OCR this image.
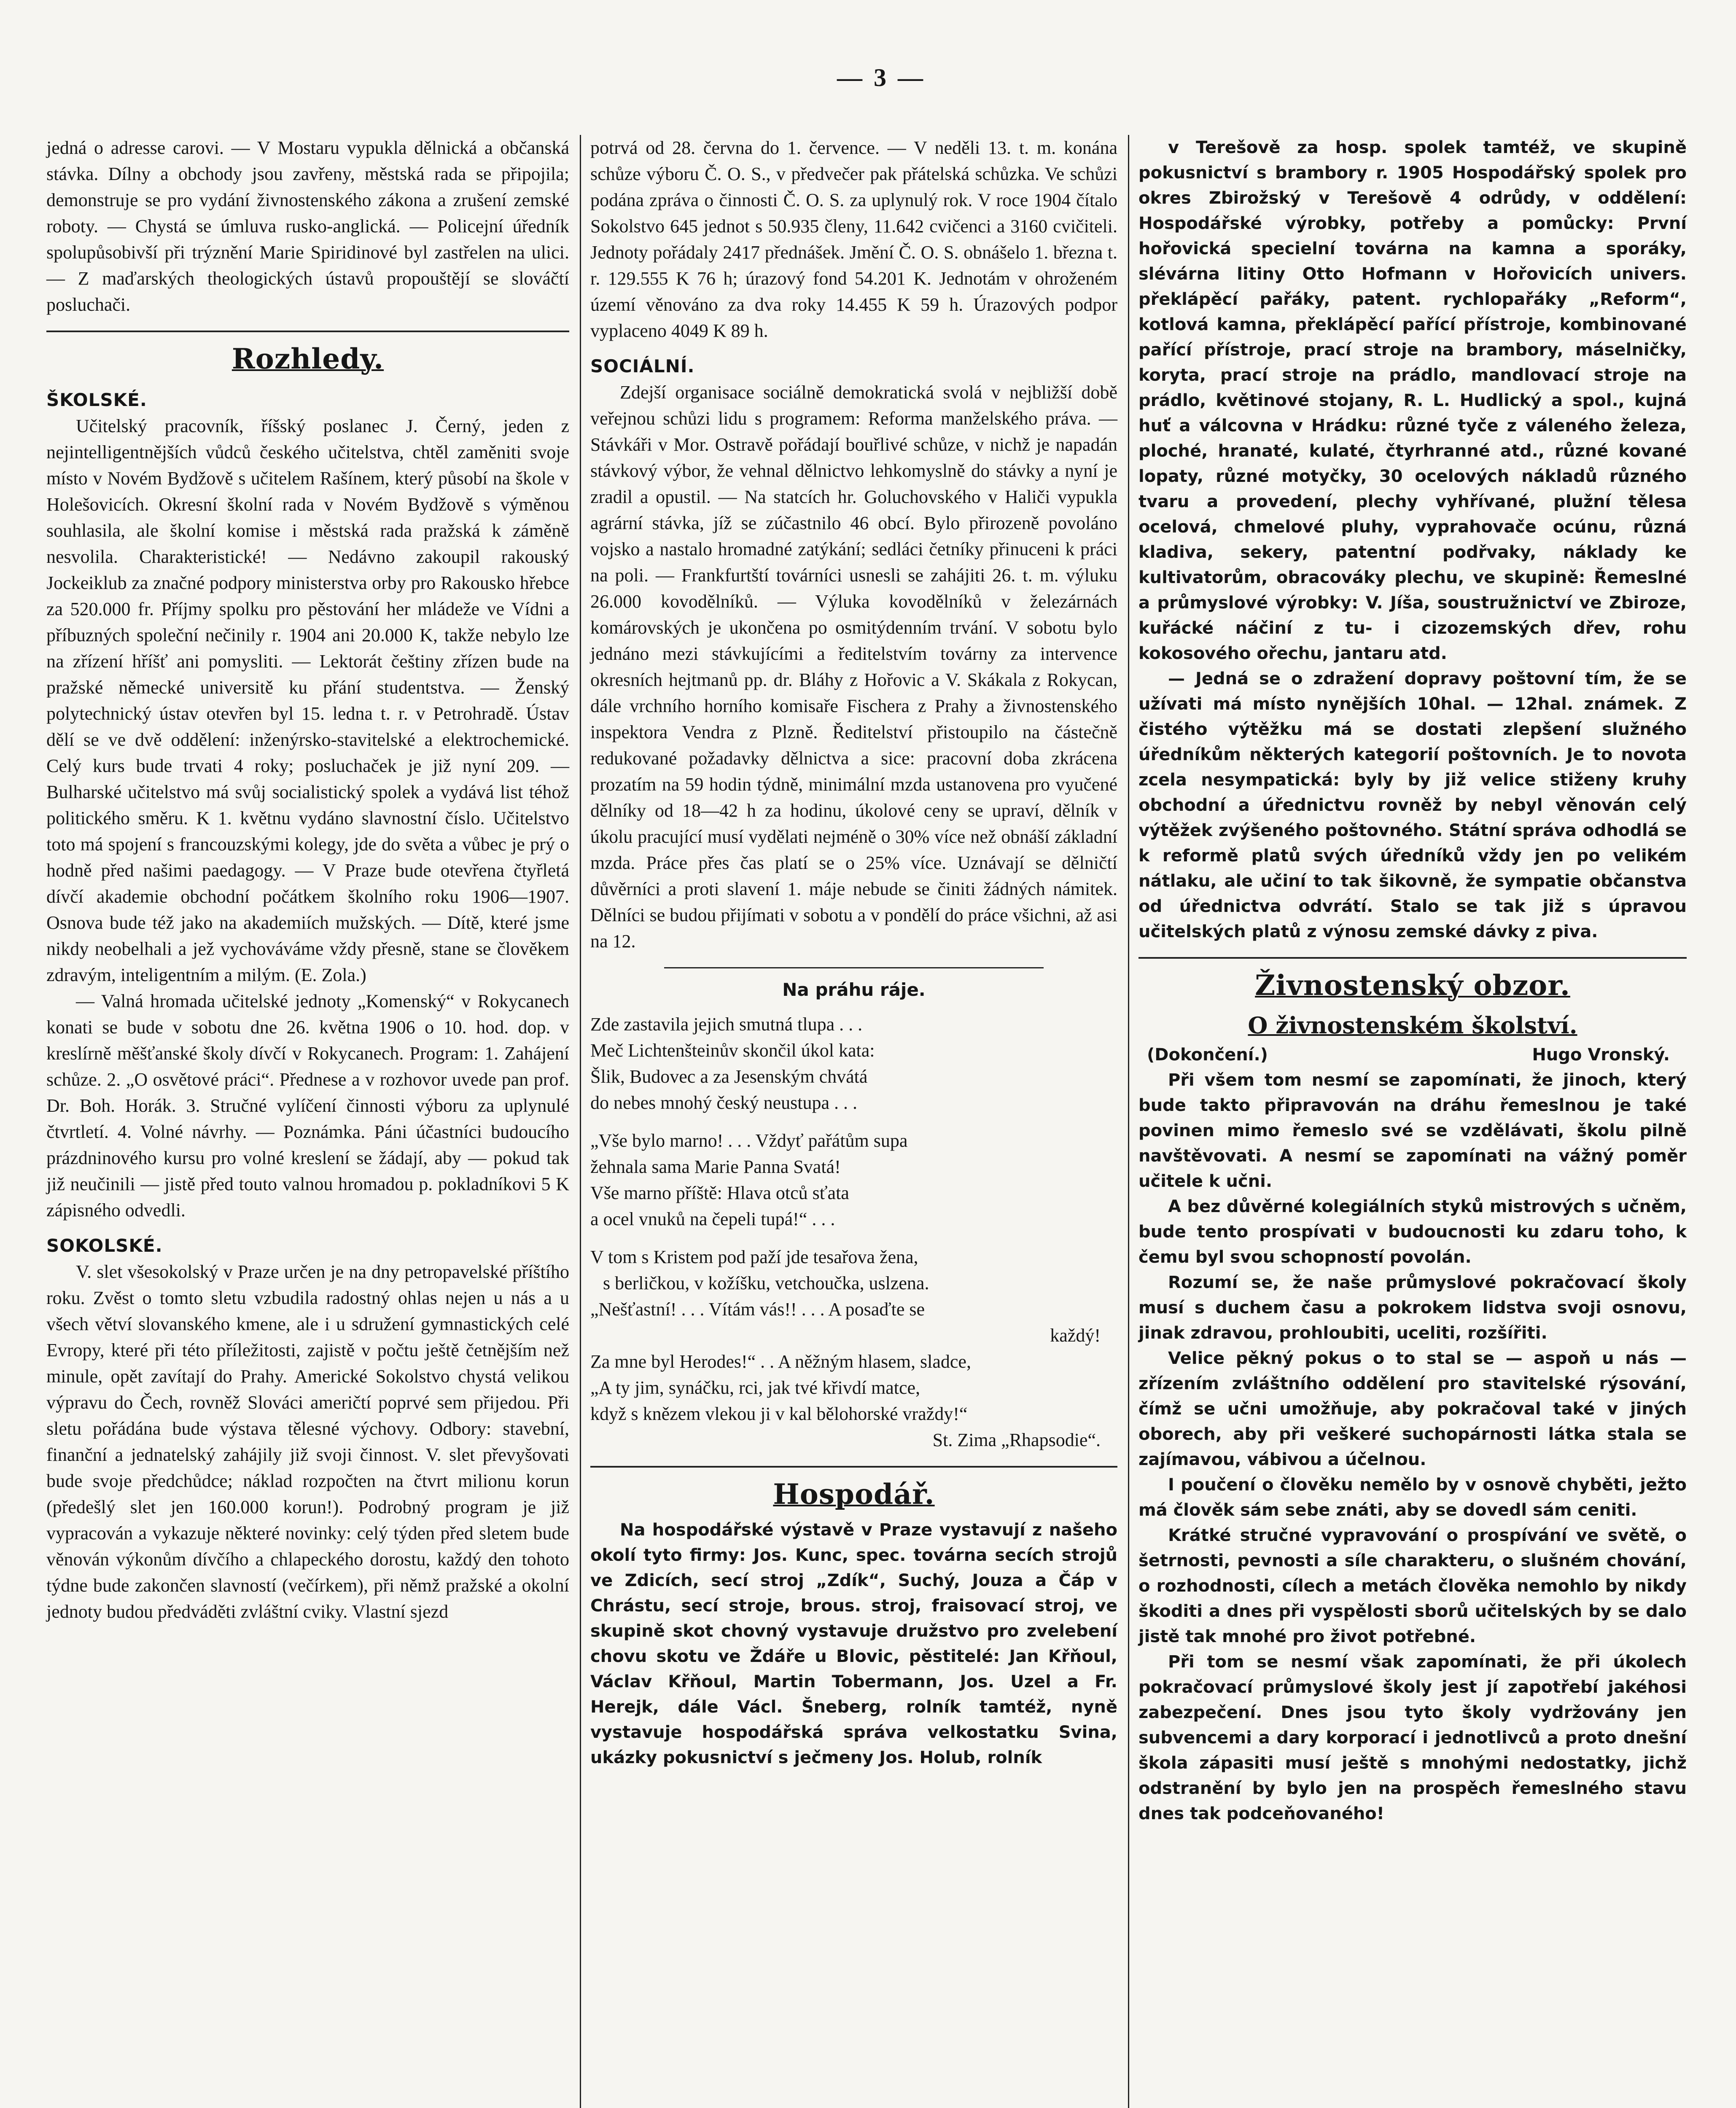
— 3 —

jedná o adresse carovi. — V Mostaru vypukla dělnická a občanská stávka. Dílny a obchody jsou zavřeny, městská rada se připojila; demonstruje se pro vydání živnostenského zákona a zrušení zemské roboty. — Chystá se úmluva rusko-anglická. — Policejní úředník spolupůsobivší při trýznění Marie Spiridinové byl zastřelen na ulici. — Z maďarských theologických ústavů propouštějí se slováčtí posluchači.

Rozhledy.
ŠKOLSKÉ.

Učitelský pracovník, říšský poslanec J. Černý, jeden z nejintelligentnějších vůdců českého učitelstva, chtěl zaměniti svoje místo v Novém Bydžově s učitelem Rašínem, který působí na škole v Holešovicích. Okresní školní rada v Novém Bydžově s výměnou souhlasila, ale školní komise i městská rada pražská k záměně nesvolila. Charakteristické! — Nedávno zakoupil rakouský Jockeiklub za značné podpory ministerstva orby pro Rakousko hřebce za 520.000 fr. Příjmy spolku pro pěstování her mládeže ve Vídni a příbuzných společní nečinily r. 1904 ani 20.000 K, takže nebylo lze na zřízení hříšť ani pomysliti. — Lektorát češtiny zřízen bude na pražské německé universitě ku přání studentstva. — Ženský polytechnický ústav otevřen byl 15. ledna t. r. v Petrohradě. Ústav dělí se ve dvě oddělení: inženýrsko-stavitelské a elektrochemické. Celý kurs bude trvati 4 roky; posluchaček je již nyní 209. — Bulharské učitelstvo má svůj socialistický spolek a vydává list téhož politického směru. K 1. květnu vydáno slavnostní číslo. Učitelstvo toto má spojení s francouzskými kolegy, jde do světa a vůbec je prý o hodně před našimi paedagogy. — V Praze bude otevřena čtyřletá dívčí akademie obchodní počátkem školního roku 1906—1907. Osnova bude též jako na akademiích mužských. — Dítě, které jsme nikdy neobelhali a jež vychováváme vždy přesně, stane se člověkem zdravým, inteligentním a milým. (E. Zola.)

— Valná hromada učitelské jednoty „Komenský“ v Rokycanech konati se bude v sobotu dne 26. května 1906 o 10. hod. dop. v kreslírně měšťanské školy dívčí v Rokycanech. Program: 1. Zahájení schůze. 2. „O osvětové práci“. Přednese a v rozhovor uvede pan prof. Dr. Boh. Horák. 3. Stručné vylíčení činnosti výboru za uplynulé čtvrtletí. 4. Volné návrhy. — Poznámka. Páni účastníci budoucího prázdninového kursu pro volné kreslení se žádají, aby — pokud tak již neučinili — jistě před touto valnou hromadou p. pokladníkovi 5 K zápisného odvedli.

SOKOLSKÉ.

V. slet všesokolský v Praze určen je na dny petropavelské příštího roku. Zvěst o tomto sletu vzbudila radostný ohlas nejen u nás a u všech větví slovanského kmene, ale i u sdružení gymnastických celé Evropy, které při této příležitosti, zajistě v počtu ještě četnějším než minule, opět zavítají do Prahy. Americké Sokolstvo chystá velikou výpravu do Čech, rovněž Slováci američtí poprvé sem přijedou. Při sletu pořádána bude výstava tělesné výchovy. Odbory: stavební, finanční a jednatelský zahájily již svoji činnost. V. slet převyšovati bude svoje předchůdce; náklad rozpočten na čtvrt milionu korun (předešlý slet jen 160.000 korun!). Podrobný program je již vypracován a vykazuje některé novinky: celý týden před sletem bude věnován výkonům dívčího a chlapeckého dorostu, každý den tohoto týdne bude zakončen slavností (večírkem), při němž pražské a okolní jednoty budou předváděti zvláštní cviky. Vlastní sjezd

potrvá od 28. června do 1. července. — V neděli 13. t. m. konána schůze výboru Č. O. S., v předvečer pak přátelská schůzka. Ve schůzi podána zpráva o činnosti Č. O. S. za uplynulý rok. V roce 1904 čítalo Sokolstvo 645 jednot s 50.935 členy, 11.642 cvičenci a 3160 cvičiteli. Jednoty pořádaly 2417 přednášek. Jmění Č. O. S. obnášelo 1. března t. r. 129.555 K 76 h; úrazový fond 54.201 K. Jednotám v ohroženém území věnováno za dva roky 14.455 K 59 h. Úrazových podpor vyplaceno 4049 K 89 h.

SOCIÁLNÍ.

Zdejší organisace sociálně demokratická svolá v nejbližší době veřejnou schůzi lidu s programem: Reforma manželského práva. — Stávkáři v Mor. Ostravě pořádají bouřlivé schůze, v nichž je napadán stávkový výbor, že vehnal dělnictvo lehkomyslně do stávky a nyní je zradil a opustil. — Na statcích hr. Goluchovského v Haliči vypukla agrární stávka, jíž se zúčastnilo 46 obcí. Bylo přirozeně povoláno vojsko a nastalo hromadné zatýkání; sedláci četníky přinuceni k práci na poli. — Frankfurtští továrníci usnesli se zahájiti 26. t. m. výluku 26.000 kovodělníků. — Výluka kovodělníků v železárnách komárovských je ukončena po osmitýdenním trvání. V sobotu bylo jednáno mezi stávkujícími a ředitelstvím továrny za intervence okresních hejtmanů pp. dr. Bláhy z Hořovic a V. Skákala z Rokycan, dále vrchního horního komisaře Fischera z Prahy a živnostenského inspektora Vendra z Plzně. Ředitelství přistoupilo na částečně redukované požadavky dělnictva a sice: pracovní doba zkrácena prozatím na 59 hodin týdně, minimální mzda ustanovena pro vyučené dělníky od 18—42 h za hodinu, úkolové ceny se upraví, dělník v úkolu pracující musí vydělati nejméně o 30% více než obnáší základní mzda. Práce přes čas platí se o 25% více. Uznávají se dělničtí důvěrníci a proti slavení 1. máje nebude se činiti žádných námitek. Dělníci se budou přijímati v sobotu a v pondělí do práce všichni, až asi na 12.

Na práhu ráje.

Zde zastavila jejich smutná tlupa . . .

Meč Lichtenšteinův skončil úkol kata:

Šlik, Budovec a za Jesenským chvátá

do nebes mnohý český neustupa . . .

„Vše bylo marno! . . . Vždyť pařátům supa

žehnala sama Marie Panna Svatá!

Vše marno příště: Hlava otců sťata

a ocel vnuků na čepeli tupá!“ . . .

V tom s Kristem pod paží jde tesařova žena,

s berličkou, v kožíšku, vetchoučka, uslzena.

„Nešťastní! . . . Vítám vás!! . . . A posaďte se

každý!

Za mne byl Herodes!“ . . A něžným hlasem, sladce,

„A ty jim, synáčku, rci, jak tvé křivdí matce,

když s knězem vlekou ji v kal bělohorské vraždy!“

St. Zima „Rhapsodie“.

Hospodář.

Na hospodářské výstavě v Praze vystavují z našeho okolí tyto firmy: Jos. Kunc, spec. továrna secích strojů ve Zdicích, secí stroj „Zdík“, Suchý, Jouza a Čáp v Chrástu, secí stroje, brous. stroj, fraisovací stroj, ve skupině skot chovný vystavuje družstvo pro zvelebení chovu skotu ve Ždáře u Blovic, pěstitelé: Jan Křňoul, Václav Křňoul, Martin Tobermann, Jos. Uzel a Fr. Herejk, dále Václ. Šneberg, rolník tamtéž, nyně vystavuje hospodářská správa velkostatku Svina, ukázky pokusnictví s ječmeny Jos. Holub, rolník

v Terešově za hosp. spolek tamtéž, ve skupině pokusnictví s brambory r. 1905 Hospodářský spolek pro okres Zbirožský v Terešově 4 odrůdy, v oddělení: Hospodářské výrobky, potřeby a pomůcky: První hořovická specielní továrna na kamna a sporáky, slévárna litiny Otto Hofmann v Hořovicích univers. překlápěcí pařáky, patent. rychlopařáky „Reform“, kotlová kamna, překlápěcí pařící přístroje, kombinované pařící přístroje, prací stroje na brambory, máselničky, koryta, prací stroje na prádlo, mandlovací stroje na prádlo, květinové stojany, R. L. Hudlický a spol., kujná huť a válcovna v Hrádku: různé tyče z váleného železa, ploché, hranaté, kulaté, čtyrhranné atd., různé kované lopaty, různé motyčky, 30 ocelových nákladů různého tvaru a provedení, plechy vyhřívané, plužní tělesa ocelová, chmelové pluhy, vyprahovače ocúnu, různá kladiva, sekery, patentní podřvaky, náklady ke kultivatorům, obracováky plechu, ve skupině: Řemeslné a průmyslové výrobky: V. Jíša, soustružnictví ve Zbiroze, kuřácké náčiní z tu- i cizozemských dřev, rohu kokosového ořechu, jantaru atd.

— Jedná se o zdražení dopravy poštovní tím, že se užívati má místo nynějších 10hal. — 12hal. známek. Z čistého výtěžku má se dostati zlepšení služného úředníkům některých kategorií poštovních. Je to novota zcela nesympatická: byly by již velice stiženy kruhy obchodní a úřednictvu rovněž by nebyl věnován celý výtěžek zvýšeného poštovného. Státní správa odhodlá se k reformě platů svých úředníků vždy jen po velikém nátlaku, ale učiní to tak šikovně, že sympatie občanstva od úřednictva odvrátí. Stalo se tak již s úpravou učitelských platů z výnosu zemské dávky z piva.

Živnostenský obzor.
O živnostenském školství.
(Dokončení.)	Hugo Vronský.

Při všem tom nesmí se zapomínati, že jinoch, který bude takto připravován na dráhu řemeslnou je také povinen mimo řemeslo své se vzdělávati, školu pilně navštěvovati. A nesmí se zapomínati na vážný poměr učitele k učni.

A bez důvěrné kolegiálních styků mistrových s učněm, bude tento prospívati v budoucnosti ku zdaru toho, k čemu byl svou schopností povolán.

Rozumí se, že naše průmyslové pokračovací školy musí s duchem času a pokrokem lidstva svoji osnovu, jinak zdravou, prohloubiti, uceliti, rozšířiti.

Velice pěkný pokus o to stal se — aspoň u nás — zřízením zvláštního oddělení pro stavitelské rýsování, čímž se učni umožňuje, aby pokračoval také v jiných oborech, aby při veškeré suchopárnosti látka stala se zajímavou, vábivou a účelnou.

I poučení o člověku nemělo by v osnově chyběti, ježto má člověk sám sebe znáti, aby se dovedl sám ceniti.

Krátké stručné vypravování o prospívání ve světě, o šetrnosti, pevnosti a síle charakteru, o slušném chování, o rozhodnosti, cílech a metách člověka nemohlo by nikdy škoditi a dnes při vyspělosti sborů učitelských by se dalo jistě tak mnohé pro život potřebné.

Při tom se nesmí však zapomínati, že při úkolech pokračovací průmyslové školy jest jí zapotřebí jakéhosi zabezpečení. Dnes jsou tyto školy vydržovány jen subvencemi a dary korporací i jednotlivců a proto dnešní škola zápasiti musí ještě s mnohými nedostatky, jichž odstranění by bylo jen na prospěch řemeslného stavu dnes tak podceňovaného!
